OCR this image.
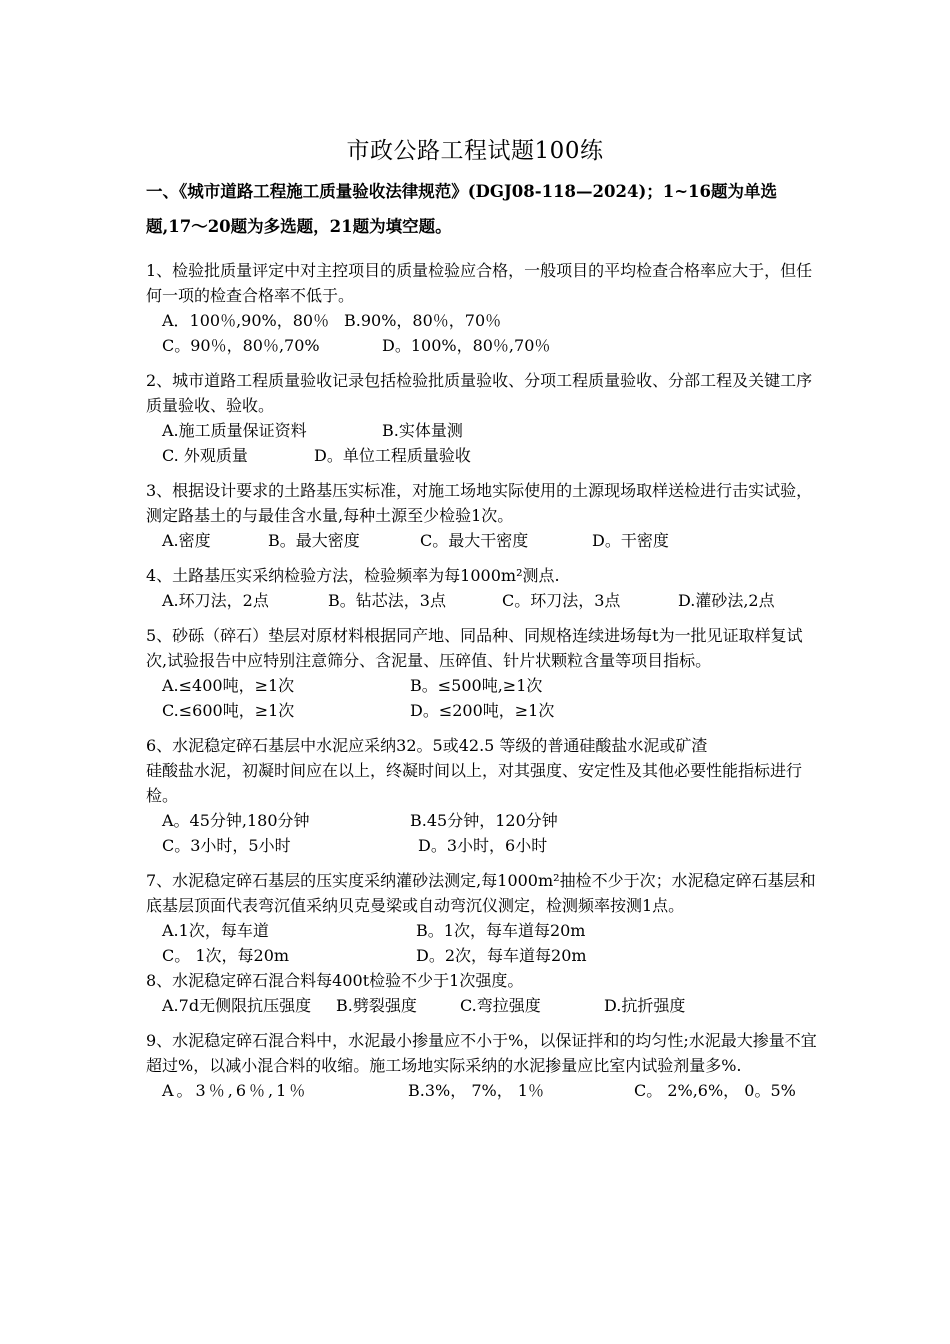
市政公路工程试题100练
一、《城市道路工程施工质量验收法律规范》(DGJ08-118—2024)；1~16题为单选题,17～20题为多选题，21题为填空题。

1、检验批质量评定中对主控项目的质量检验应合格，一般项目的平均检查合格率应大于，但任何一项的检查合格率不低于。

A．100％,90%，80％ B.90%，80％，70％
C。90％，80％,70%	D。100%，80％,70％

2、城市道路工程质量验收记录包括检验批质量验收、分项工程质量验收、分部工程及关键工序质量验收、验收。

A.施工质量保证资料	B.实体量测
C. 外观质量	D。单位工程质量验收

3、根据设计要求的土路基压实标准，对施工场地实际使用的土源现场取样送检进行击实试验，测定路基土的与最佳含水量,每种土源至少检验1次。

A.密度	B。最大密度	C。最大干密度	D。干密度

4、土路基压实采纳检验方法，检验频率为每1000m²测点.

A.环刀法，2点	B。钻芯法，3点	C。环刀法，3点	D.灌砂法,2点

5、砂砾（碎石）垫层对原材料根据同产地、同品种、同规格连续进场每t为一批见证取样复试次,试验报告中应特别注意筛分、含泥量、压碎值、针片状颗粒含量等项目指标。

A.≤400吨，≥1次	B。≤500吨,≥1次
C.≤600吨，≥1次	D。≤200吨，≥1次

6、水泥稳定碎石基层中水泥应采纳32。5或42.5 等级的普通硅酸盐水泥或矿渣
硅酸盐水泥，初凝时间应在以上，终凝时间以上，对其强度、安定性及其他必要性能指标进行检。

A。45分钟,180分钟	B.45分钟，120分钟
C。3小时，5小时	D。3小时，6小时

7、水泥稳定碎石基层的压实度采纳灌砂法测定,每1000m²抽检不少于次；水泥稳定碎石基层和底基层顶面代表弯沉值采纳贝克曼梁或自动弯沉仪测定，检测频率按测1点。

A.1次，每车道	B。1次，每车道每20m
C。 1次，每20m	D。2次，每车道每20m

8、水泥稳定碎石混合料每400t检验不少于1次强度。

A.7d无侧限抗压强度	B.劈裂强度	C.弯拉强度	D.抗折强度

9、水泥稳定碎石混合料中，水泥最小掺量应不小于%，以保证拌和的均匀性;水泥最大掺量不宜超过%，以减小混合料的收缩。施工场地实际采纳的水泥掺量应比室内试验剂量多%.

A。3％,6％,1％	B.3%， 7%， 1％	C。 2%,6%， 0。5%
